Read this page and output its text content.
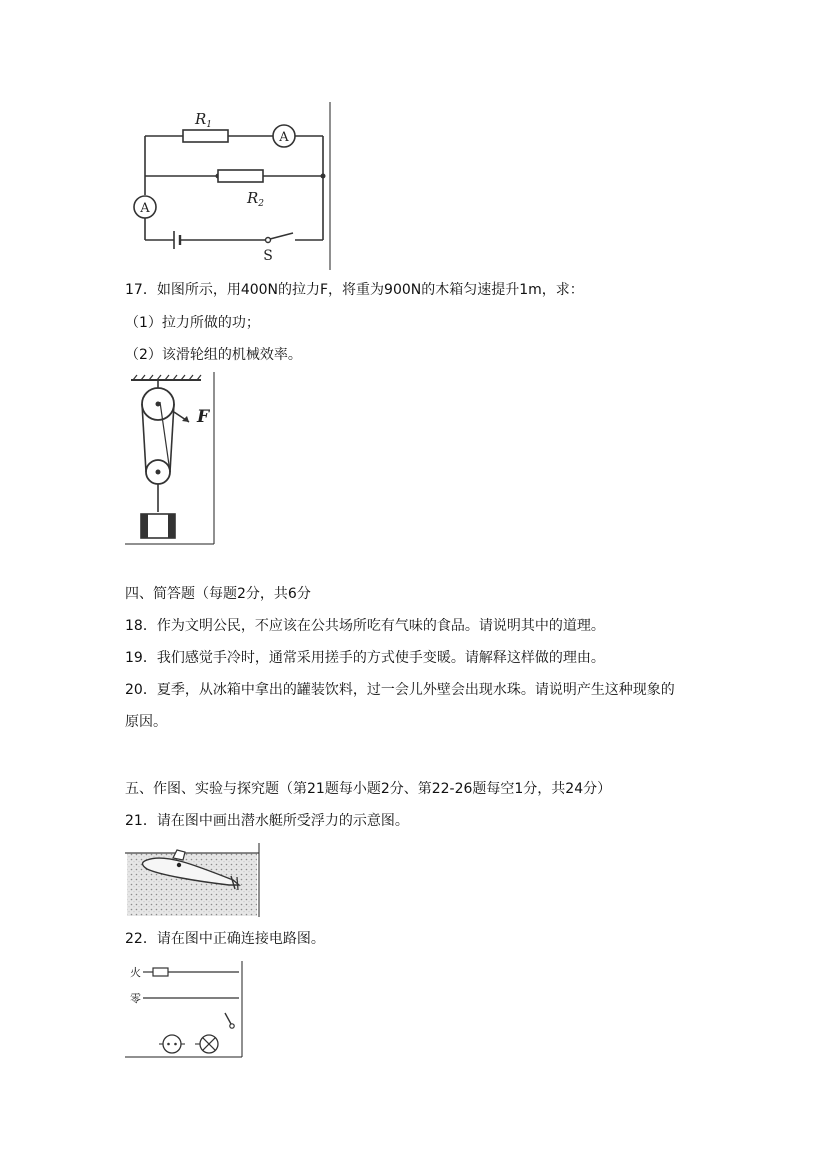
A
$R_1$
$R_2$
A
S
17．如图所示，用400N的拉力F，将重为900N的木箱匀速提升1m，求：
（1）拉力所做的功；
（2）该滑轮组的机械效率。
F
四、简答题（每题2分，共6分
18．作为文明公民，不应该在公共场所吃有气味的食品。请说明其中的道理。
19．我们感觉手冷时，通常采用搓手的方式使手变暖。请解释这样做的理由。
20．夏季，从冰箱中拿出的罐装饮料，过一会儿外壁会出现水珠。请说明产生这种现象的
原因。
五、作图、实验与探究题（第21题每小题2分、第22-26题每空1分，共24分）
21．请在图中画出潜水艇所受浮力的示意图。
22．请在图中正确连接电路图。
火
零
